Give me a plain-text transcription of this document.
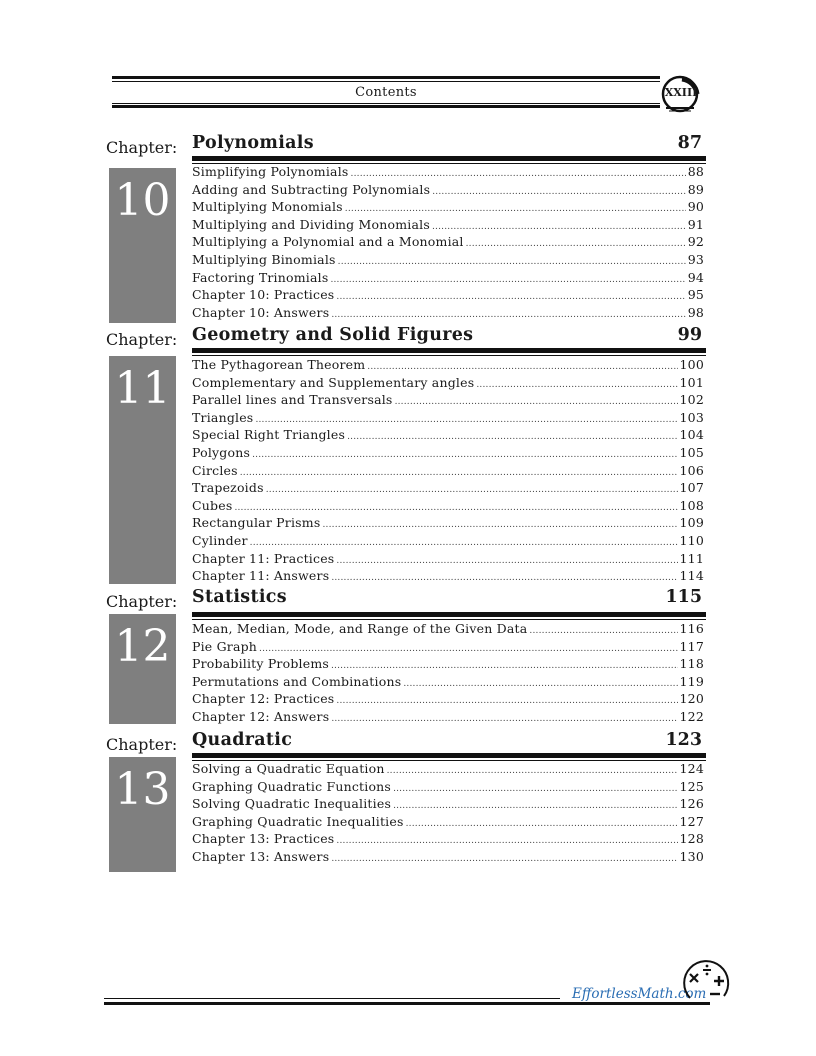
Contents	XXIII
Chapter:
10
Polynomials	87
Simplifying Polynomials .....	88
Adding and Subtracting Polynomials .....	89
Multiplying Monomials .....	90
Multiplying and Dividing Monomials .....	91
Multiplying a Polynomial and a Monomial .....	92
Multiplying Binomials .....	93
Factoring Trinomials .....	94
Chapter 10: Practices .....	95
Chapter 10: Answers .....	98
Chapter:
11
Geometry and Solid Figures	99
The Pythagorean Theorem .....	100
Complementary and Supplementary angles .....	101
Parallel lines and Transversals .....	102
Triangles .....	103
Special Right Triangles .....	104
Polygons .....	105
Circles .....	106
Trapezoids .....	107
Cubes .....	108
Rectangular Prisms .....	109
Cylinder .....	110
Chapter 11: Practices .....	111
Chapter 11: Answers .....	114
Chapter:
12
Statistics	115
Mean, Median, Mode, and Range of the Given Data .....	116
Pie Graph .....	117
Probability Problems .....	118
Permutations and Combinations .....	119
Chapter 12: Practices .....	120
Chapter 12: Answers .....	122
Chapter:
13
Quadratic	123
Solving a Quadratic Equation .....	124
Graphing Quadratic Functions .....	125
Solving Quadratic Inequalities .....	126
Graphing Quadratic Inequalities .....	127
Chapter 13: Practices .....	128
Chapter 13: Answers .....	130
EffortlessMath.com
